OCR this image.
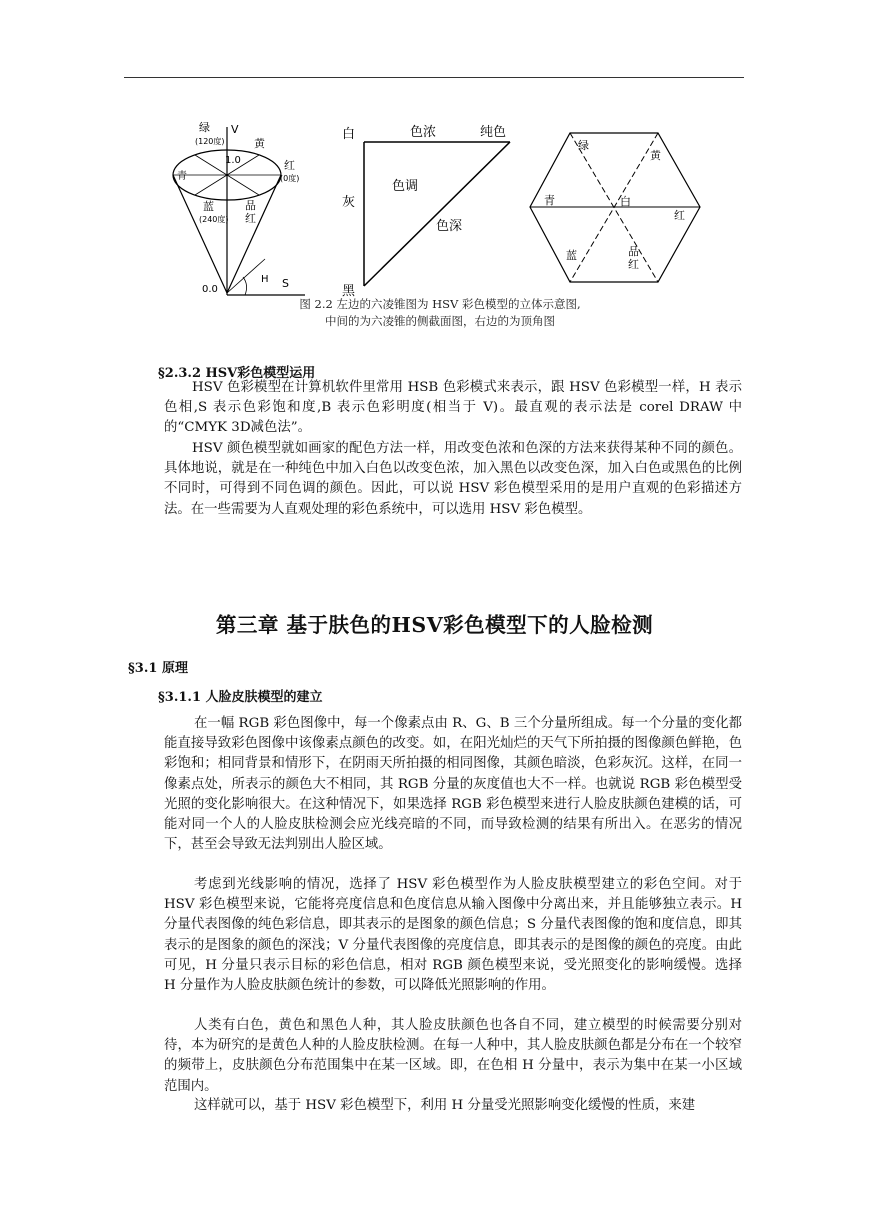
绿
(120度)
V
黄
1.0	红
(0度)
青
蓝
(240度)
品
红
H S
0.0
白
灰
黑
色浓	纯色
色调
色深
绿
黄
青	白
红
蓝	品
红
图 2.2 左边的六凌锥图为 HSV 彩色模型的立体示意图,
中间的为六凌锥的侧截面图，右边的为顶角图
§2.3.2 HSV彩色模型运用
HSV 色彩模型在计算机软件里常用 HSB 色彩模式来表示，跟 HSV 色彩模型一样，H 表示色相,S 表示色彩饱和度,B 表示色彩明度(相当于 V)。最直观的表示法是 corel DRAW 中的“CMYK 3D减色法”。
HSV 颜色模型就如画家的配色方法一样，用改变色浓和色深的方法来获得某种不同的颜色。具体地说，就是在一种纯色中加入白色以改变色浓，加入黑色以改变色深，加入白色或黑色的比例不同时，可得到不同色调的颜色。因此，可以说 HSV 彩色模型采用的是用户直观的色彩描述方法。在一些需要为人直观处理的彩色系统中，可以选用 HSV 彩色模型。
第三章 基于肤色的HSV彩色模型下的人脸检测
§3.1 原理
§3.1.1 人脸皮肤模型的建立
在一幅 RGB 彩色图像中，每一个像素点由 R、G、B 三个分量所组成。每一个分量的变化都能直接导致彩色图像中该像素点颜色的改变。如，在阳光灿烂的天气下所拍摄的图像颜色鲜艳，色彩饱和；相同背景和情形下，在阴雨天所拍摄的相同图像，其颜色暗淡，色彩灰沉。这样，在同一像素点处，所表示的颜色大不相同，其 RGB 分量的灰度值也大不一样。也就说 RGB 彩色模型受光照的变化影响很大。在这种情况下，如果选择 RGB 彩色模型来进行人脸皮肤颜色建模的话，可能对同一个人的人脸皮肤检测会应光线亮暗的不同，而导致检测的结果有所出入。在恶劣的情况下，甚至会导致无法判别出人脸区域。
考虑到光线影响的情况，选择了 HSV 彩色模型作为人脸皮肤模型建立的彩色空间。对于 HSV 彩色模型来说，它能将亮度信息和色度信息从输入图像中分离出来，并且能够独立表示。H 分量代表图像的纯色彩信息，即其表示的是图象的颜色信息；S 分量代表图像的饱和度信息，即其表示的是图象的颜色的深浅；V 分量代表图像的亮度信息，即其表示的是图像的颜色的亮度。由此可见，H 分量只表示目标的彩色信息，相对 RGB 颜色模型来说，受光照变化的影响缓慢。选择 H 分量作为人脸皮肤颜色统计的参数，可以降低光照影响的作用。
人类有白色，黄色和黑色人种，其人脸皮肤颜色也各自不同，建立模型的时候需要分别对待，本为研究的是黄色人种的人脸皮肤检测。在每一人种中，其人脸皮肤颜色都是分布在一个较窄的频带上，皮肤颜色分布范围集中在某一区域。即，在色相 H 分量中，表示为集中在某一小区域范围内。
这样就可以，基于 HSV 彩色模型下，利用 H 分量受光照影响变化缓慢的性质，来建
